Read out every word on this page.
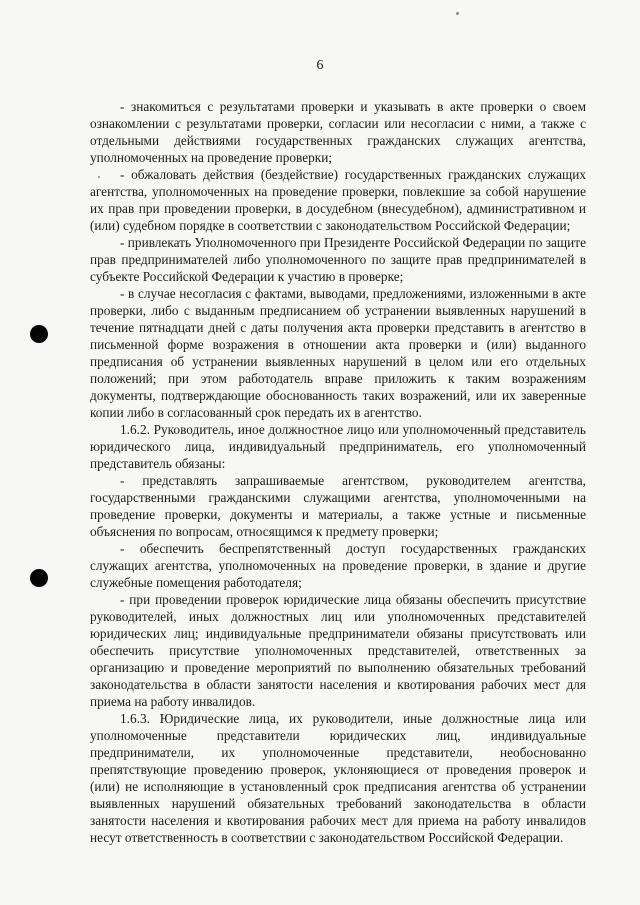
6

- знакомиться с результатами проверки и указывать в акте проверки о своем ознакомлении с результатами проверки, согласии или несогласии с ними, а также с отдельными действиями государственных гражданских служащих агентства, уполномоченных на проведение проверки;

- обжаловать действия (бездействие) государственных гражданских служащих агентства, уполномоченных на проведение проверки, повлекшие за собой нарушение их прав при проведении проверки, в досудебном (внесудебном), административном и (или) судебном порядке в соответствии с законодательством Российской Федерации;

- привлекать Уполномоченного при Президенте Российской Федерации по защите прав предпринимателей либо уполномоченного по защите прав предпринимателей в субъекте Российской Федерации к участию в проверке;

- в случае несогласия с фактами, выводами, предложениями, изложенными в акте проверки, либо с выданным предписанием об устранении выявленных нарушений в течение пятнадцати дней с даты получения акта проверки представить в агентство в письменной форме возражения в отношении акта проверки и (или) выданного предписания об устранении выявленных нарушений в целом или его отдельных положений; при этом работодатель вправе приложить к таким возражениям документы, подтверждающие обоснованность таких возражений, или их заверенные копии либо в согласованный срок передать их в агентство.

1.6.2. Руководитель, иное должностное лицо или уполномоченный представитель юридического лица, индивидуальный предприниматель, его уполномоченный представитель обязаны:

- представлять запрашиваемые агентством, руководителем агентства, государственными гражданскими служащими агентства, уполномоченными на проведение проверки, документы и материалы, а также устные и письменные объяснения по вопросам, относящимся к предмету проверки;

- обеспечить беспрепятственный доступ государственных гражданских служащих агентства, уполномоченных на проведение проверки, в здание и другие служебные помещения работодателя;

- при проведении проверок юридические лица обязаны обеспечить присутствие руководителей, иных должностных лиц или уполномоченных представителей юридических лиц; индивидуальные предприниматели обязаны присутствовать или обеспечить присутствие уполномоченных представителей, ответственных за организацию и проведение мероприятий по выполнению обязательных требований законодательства в области занятости населения и квотирования рабочих мест для приема на работу инвалидов.

1.6.3. Юридические лица, их руководители, иные должностные лица или уполномоченные представители юридических лиц, индивидуальные предприниматели, их уполномоченные представители, необоснованно препятствующие проведению проверок, уклоняющиеся от проведения проверок и (или) не исполняющие в установленный срок предписания агентства об устранении выявленных нарушений обязательных требований законодательства в области занятости населения и квотирования рабочих мест для приема на работу инвалидов несут ответственность в соответствии с законодательством Российской Федерации.
